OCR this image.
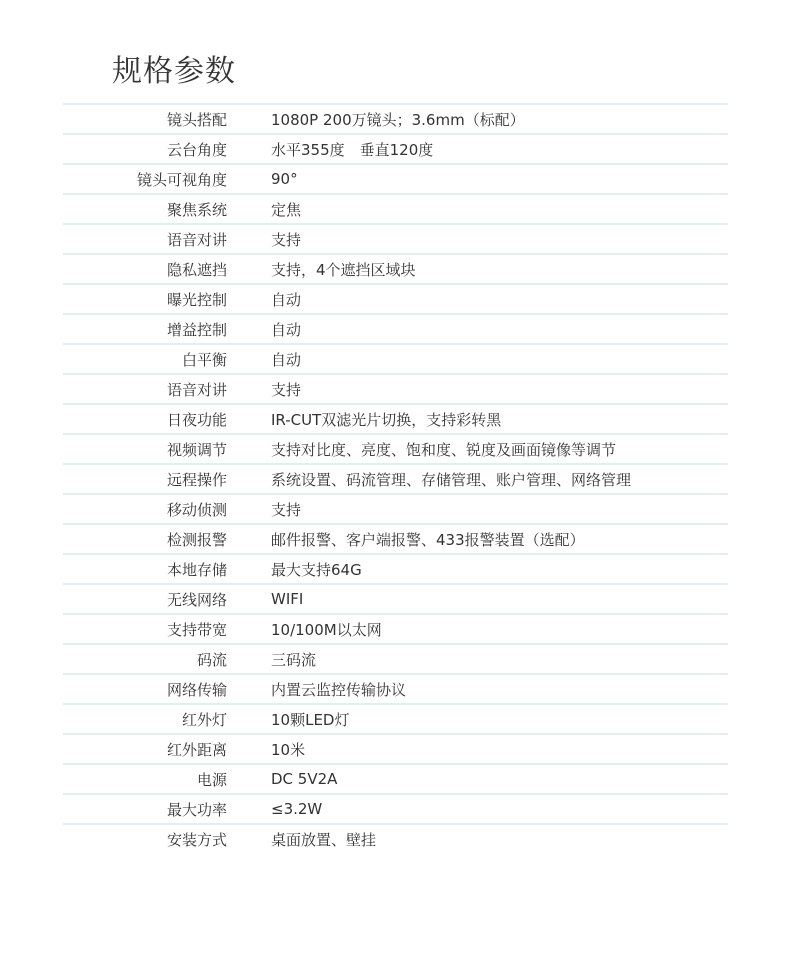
规格参数
镜头搭配	1080P 200万镜头；3.6mm（标配）
云台角度	水平355度　垂直120度
镜头可视角度	90°
聚焦系统	定焦
语音对讲	支持
隐私遮挡	支持，4个遮挡区域块
曝光控制	自动
增益控制	自动
白平衡	自动
语音对讲	支持
日夜功能	IR-CUT双滤光片切换，支持彩转黑
视频调节	支持对比度、亮度、饱和度、锐度及画面镜像等调节
远程操作	系统设置、码流管理、存储管理、账户管理、网络管理
移动侦测	支持
检测报警	邮件报警、客户端报警、433报警装置（选配）
本地存储	最大支持64G
无线网络	WIFI
支持带宽	10/100M以太网
码流	三码流
网络传输	内置云监控传输协议
红外灯	10颗LED灯
红外距离	10米
电源	DC 5V2A
最大功率	≤3.2W
安装方式	桌面放置、壁挂
